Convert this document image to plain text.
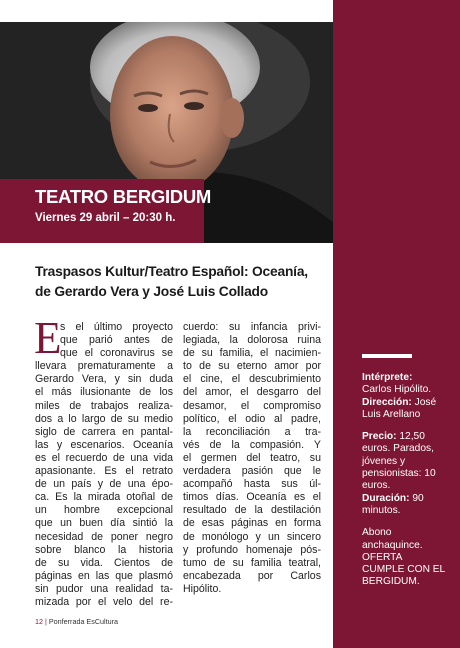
TEATRO BERGIDUM
Viernes 29 abril – 20:30 h.

Intérprete:

Carlos Hipólito.

Dirección: José

Luis Arellano

Precio: 12,50

euros. Parados,

jóvenes y

pensionistas: 10

euros.

Duración: 90

minutos.

Abono

anchaquince.

OFERTA

CUMPLE CON EL

BERGIDUM.

Traspasos Kultur/Teatro Español: Oceanía,
de Gerardo Vera y José Luis Collado
E
s el último proyecto
que parió antes de
que el coronavirus se
llevara prematuramente a
Gerardo Vera, y sin duda
el más ilusionante de los
miles de trabajos realiza-
dos a lo largo de su medio
siglo de carrera en pantal-
las y escenarios. Oceanía
es el recuerdo de una vida
apasionante. Es el retrato
de un país y de una épo-
ca. Es la mirada otoñal de
un hombre excepcional
que un buen día sintió la
necesidad de poner negro
sobre blanco la historia
de su vida. Cientos de
páginas en las que plasmó
sin pudor una realidad ta-
mizada por el velo del re-
cuerdo: su infancia privi-
legiada, la dolorosa ruina
de su familia, el nacimien-
to de su eterno amor por
el cine, el descubrimiento
del amor, el desgarro del
desamor, el compromiso
político, el odio al padre,
la reconciliación a tra-
vés de la compasión. Y
el germen del teatro, su
verdadera pasión que le
acompañó hasta sus úl-
timos días. Oceanía es el
resultado de la destilación
de esas páginas en forma
de monólogo y un sincero
y profundo homenaje pós-
tumo de su familia teatral,
encabezada por Carlos
Hipólito.
12 | Ponferrada EsCultura
